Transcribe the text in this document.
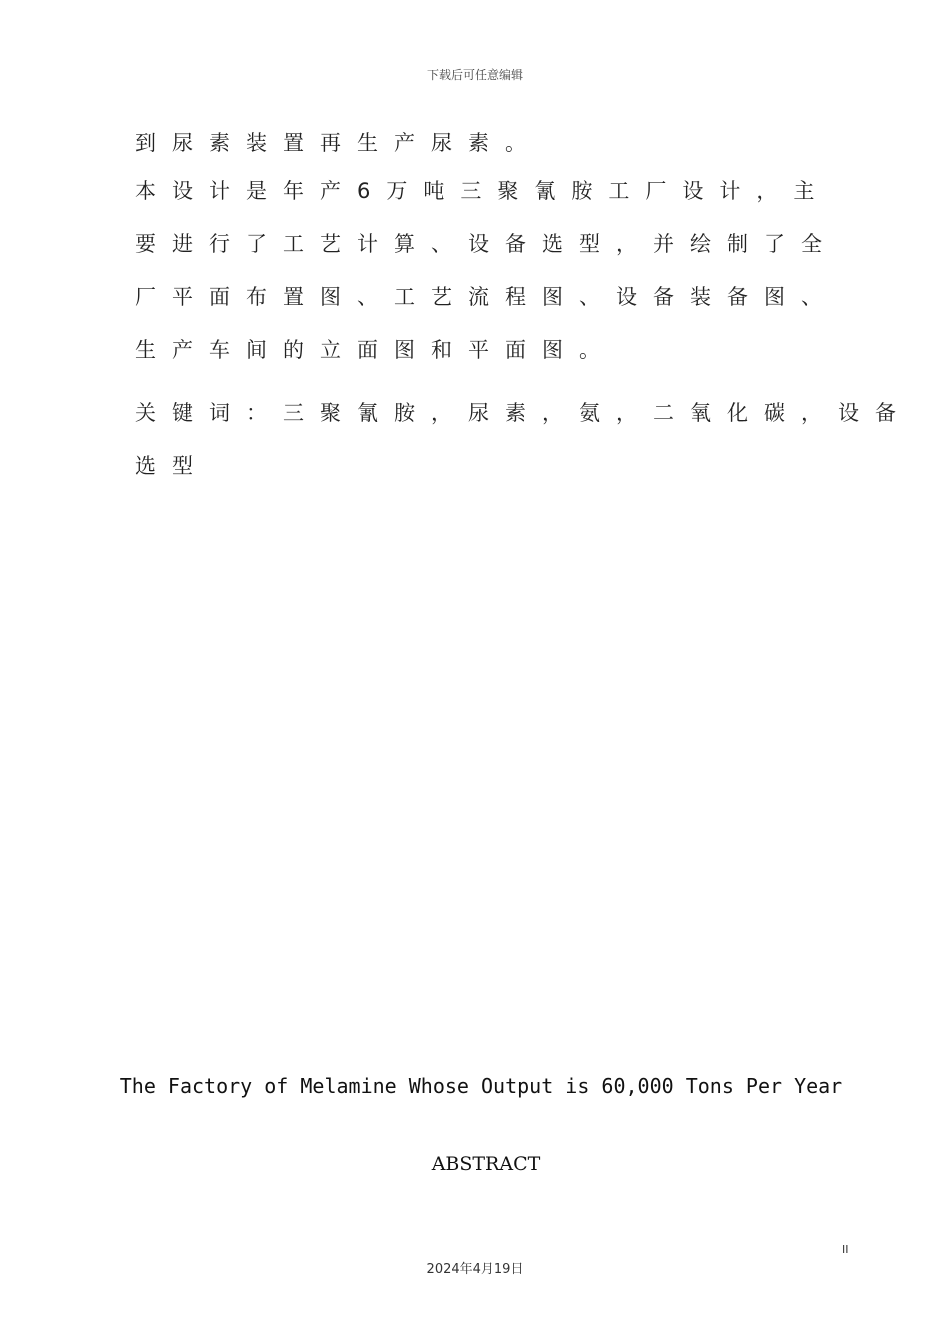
下载后可任意编辑
到尿素装置再生产尿素。
本设计是年产6万吨三聚氰胺工厂设计，主
要进行了工艺计算、设备选型，并绘制了全
厂平面布置图、工艺流程图、设备装备图、
生产车间的立面图和平面图。
关键词：三聚氰胺，尿素，氨，二氧化碳，设备
选型
The Factory of Melamine Whose Output is 60,000 Tons Per Year
ABSTRACT
II
2024年4月19日
